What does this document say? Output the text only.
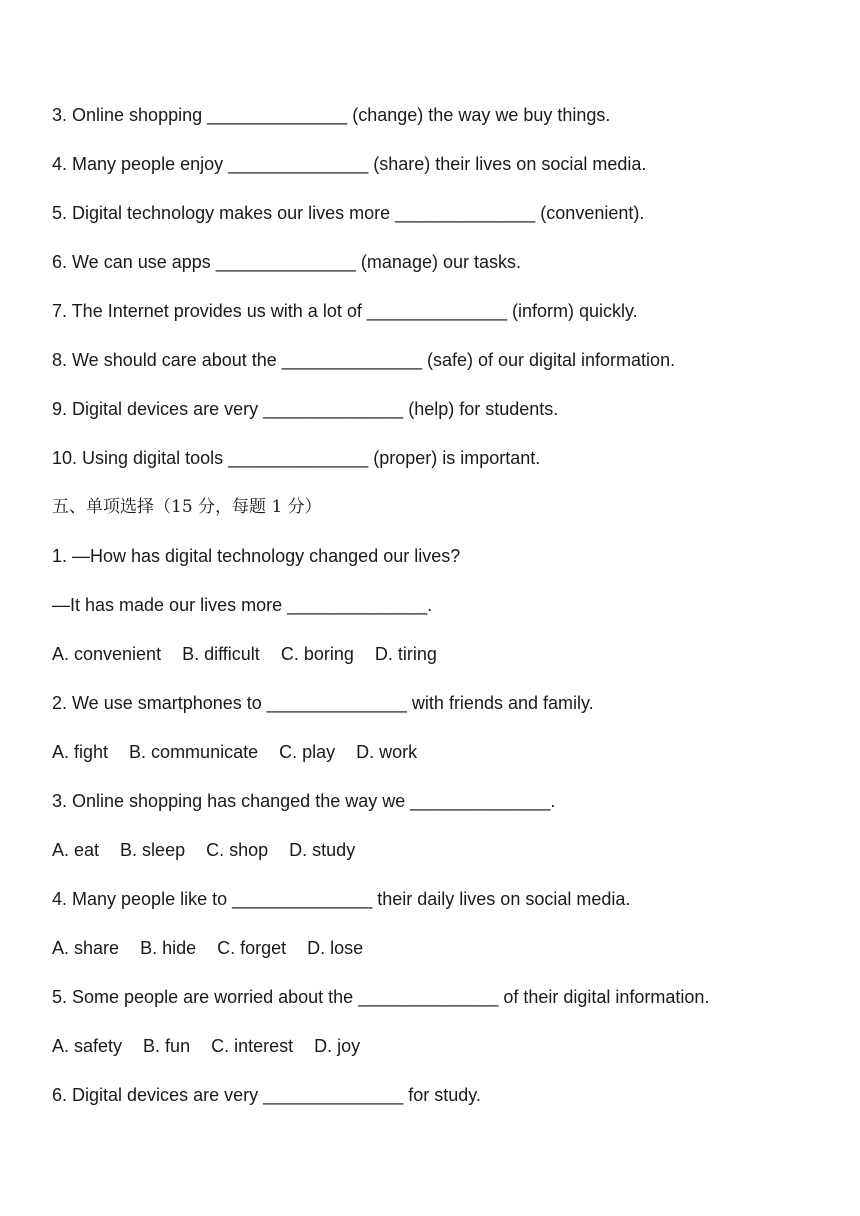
3. Online shopping ______________ (change) the way we buy things.
4. Many people enjoy ______________ (share) their lives on social media.
5. Digital technology makes our lives more ______________ (convenient).
6. We can use apps ______________ (manage) our tasks.
7. The Internet provides us with a lot of ______________ (inform) quickly.
8. We should care about the ______________ (safe) of our digital information.
9. Digital devices are very ______________ (help) for students.
10. Using digital tools ______________ (proper) is important.
五、单项选择（15 分，每题 1 分）
1. —How has digital technology changed our lives?
—It has made our lives more ______________.
A. convenient B. difficult C. boring D. tiring
2. We use smartphones to ______________ with friends and family.
A. fight B. communicate C. play D. work
3. Online shopping has changed the way we ______________.
A. eat B. sleep C. shop D. study
4. Many people like to ______________ their daily lives on social media.
A. share B. hide C. forget D. lose
5. Some people are worried about the ______________ of their digital information.
A. safety B. fun C. interest D. joy
6. Digital devices are very ______________ for study.
